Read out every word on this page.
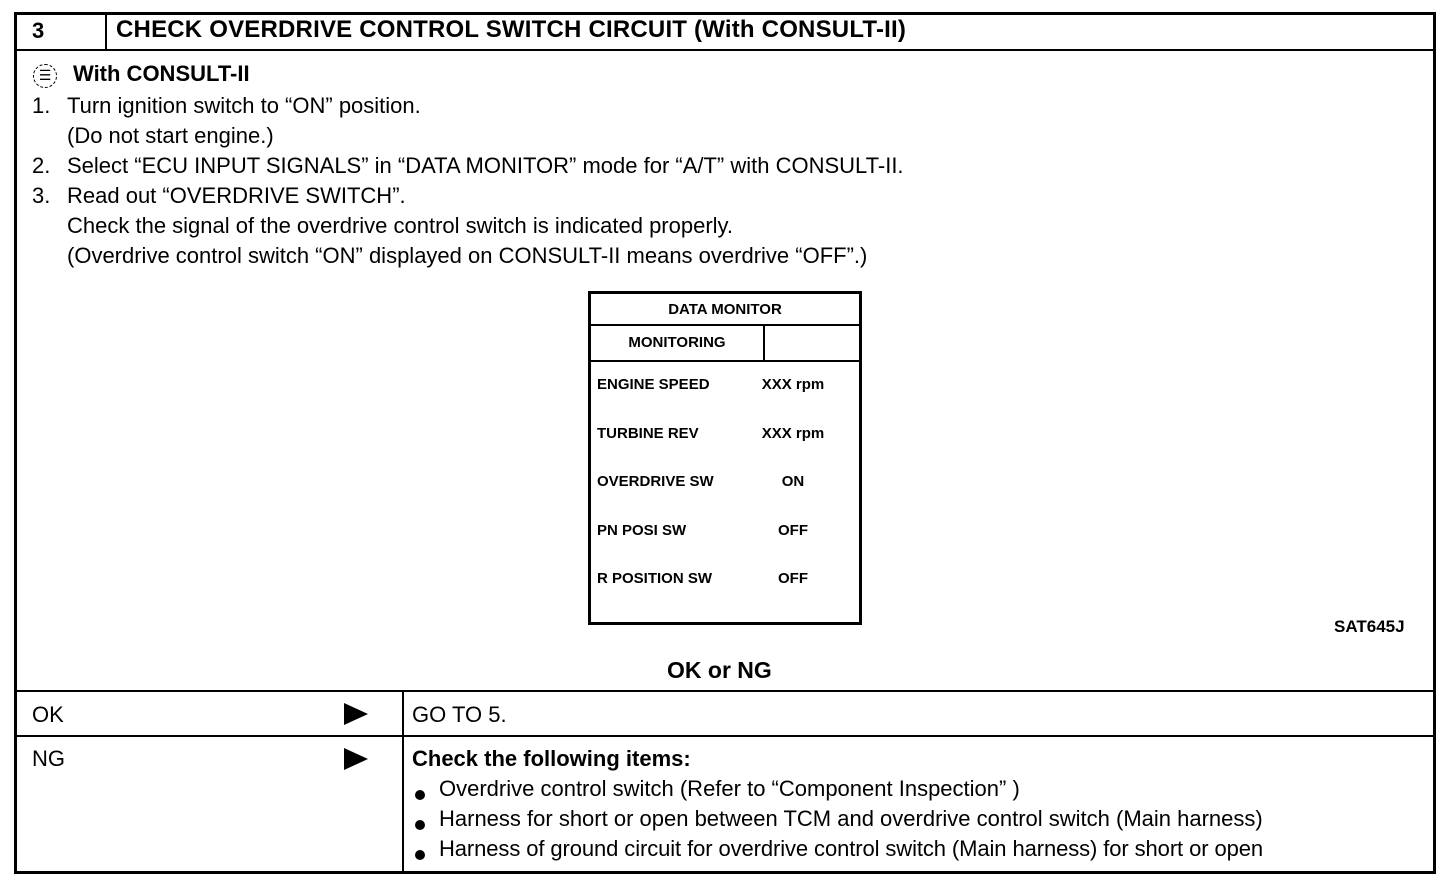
3	CHECK OVERDRIVE CONTROL SWITCH CIRCUIT (With CONSULT-II)
☰ With CONSULT-II
1. Turn ignition switch to “ON” position.
(Do not start engine.)
2. Select “ECU INPUT SIGNALS” in “DATA MONITOR” mode for “A/T” with CONSULT-II.
3. Read out “OVERDRIVE SWITCH”.
Check the signal of the overdrive control switch is indicated properly.
(Overdrive control switch “ON” displayed on CONSULT-II means overdrive “OFF”.)
DATA MONITOR
MONITORING
ENGINE SPEED	XXX rpm
TURBINE REV	XXX rpm
OVERDRIVE SW	ON
PN POSI SW	OFF
R POSITION SW	OFF
SAT645J
OK or NG
OK	GO TO 5.
NG	Check the following items:
Overdrive control switch (Refer to “Component Inspection” )
Harness for short or open between TCM and overdrive control switch (Main harness)
Harness of ground circuit for overdrive control switch (Main harness) for short or open
